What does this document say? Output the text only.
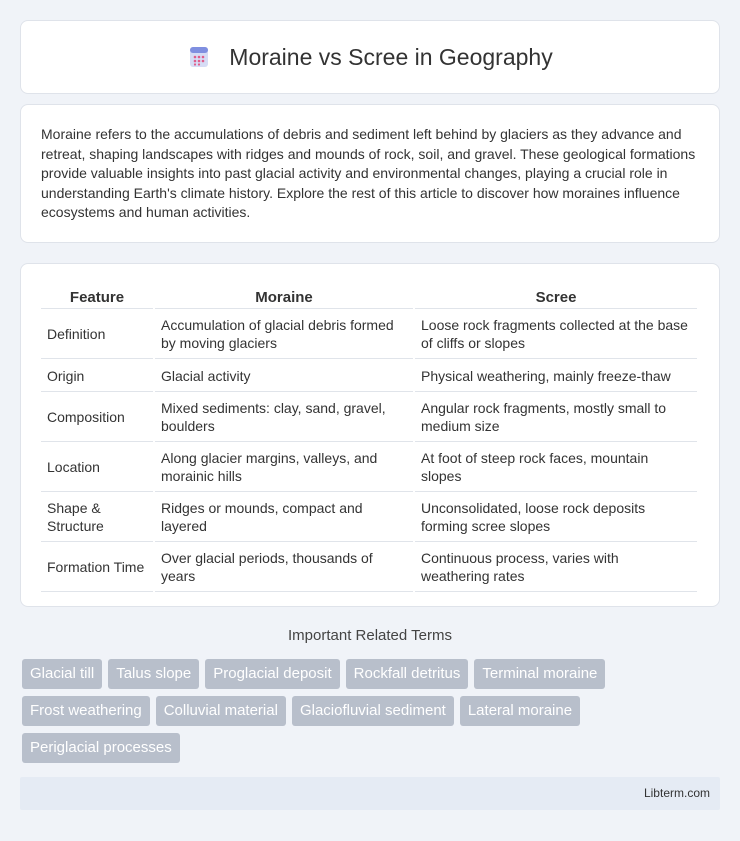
Moraine vs Scree in Geography

Moraine refers to the accumulations of debris and sediment left behind by glaciers as they advance and retreat, shaping landscapes with ridges and mounds of rock, soil, and gravel. These geological formations provide valuable insights into past glacial activity and environmental changes, playing a crucial role in understanding Earth's climate history. Explore the rest of this article to discover how moraines influence ecosystems and human activities.

Feature	Moraine	Scree
Definition	Accumulation of glacial debris formed by moving glaciers	Loose rock fragments collected at the base of cliffs or slopes
Origin	Glacial activity	Physical weathering, mainly freeze-thaw
Composition	Mixed sediments: clay, sand, gravel, boulders	Angular rock fragments, mostly small to medium size
Location	Along glacier margins, valleys, and morainic hills	At foot of steep rock faces, mountain slopes
Shape & Structure	Ridges or mounds, compact and layered	Unconsolidated, loose rock deposits forming scree slopes
Formation Time	Over glacial periods, thousands of years	Continuous process, varies with weathering rates
Important Related Terms
Glacial till	Talus slope	Proglacial deposit	Rockfall detritus	Terminal moraine
Frost weathering	Colluvial material	Glaciofluvial sediment	Lateral moraine
Periglacial processes
Libterm.com
